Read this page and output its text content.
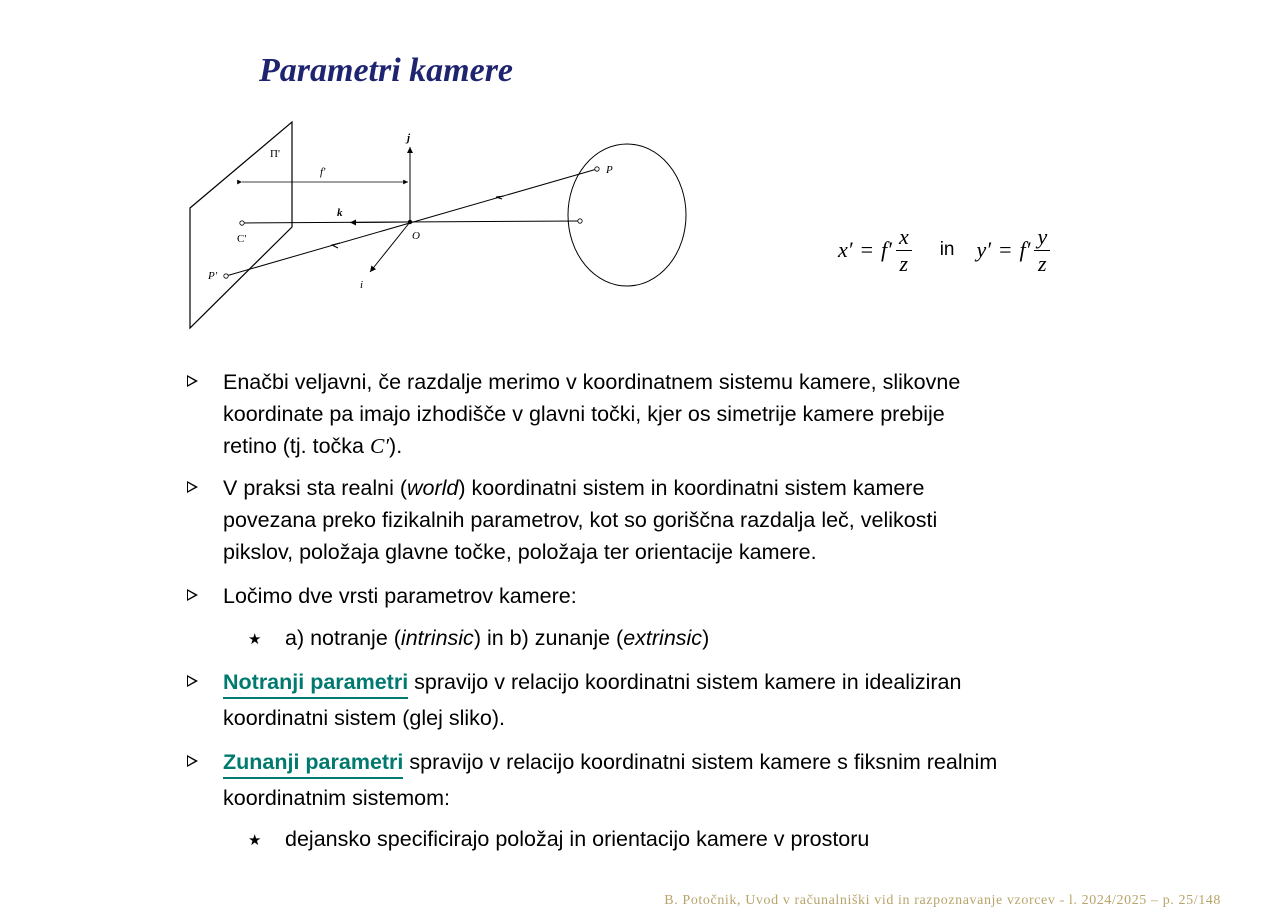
Parametri kamere
Π'
f'
j
k
i
C'	O
P
P'
$x' = f' \frac{x}{z}$ in $y' = f' \frac{y}{z}$
Enačbi veljavni, če razdalje merimo v koordinatnem sistemu kamere, slikovne
koordinate pa imajo izhodišče v glavni točki, kjer os simetrije kamere prebije
retino (tj. točka C′).
V praksi sta realni (world) koordinatni sistem in koordinatni sistem kamere
povezana preko fizikalnih parametrov, kot so goriščna razdalja leč, velikosti
pikslov, položaja glavne točke, položaja ter orientacije kamere.
Ločimo dve vrsti parametrov kamere:
★ a) notranje (intrinsic) in b) zunanje (extrinsic)
Notranji parametri spravijo v relacijo koordinatni sistem kamere in idealiziran
koordinatni sistem (glej sliko).
Zunanji parametri spravijo v relacijo koordinatni sistem kamere s fiksnim realnim
koordinatnim sistemom:
★ dejansko specificirajo položaj in orientacijo kamere v prostoru
B. Potočnik, Uvod v računalniški vid in razpoznavanje vzorcev - l. 2024/2025 – p. 25/148
